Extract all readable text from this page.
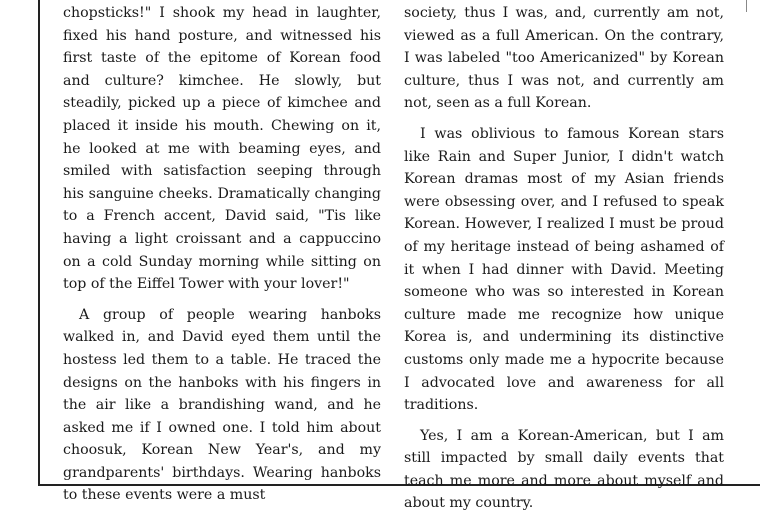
chopsticks!" I shook my head in laughter, fixed his hand posture, and witnessed his first taste of the epitome of Korean food and culture? kimchee. He slowly, but steadily, picked up a piece of kimchee and placed it inside his mouth. Chewing on it, he looked at me with beaming eyes, and smiled with satisfaction seeping through his sanguine cheeks. Dramatically changing to a French accent, David said, "Tis like having a light croissant and a cappuccino on a cold Sunday morning while sitting on top of the Eiffel Tower with your lover!"

A group of people wearing hanboks walked in, and David eyed them until the hostess led them to a table. He traced the designs on the hanboks with his fingers in the air like a brandishing wand, and he asked me if I owned one. I told him about choosuk, Korean New Year's, and my grandparents' birthdays. Wearing hanboks to these events were a must

society, thus I was, and, currently am not, viewed as a full American. On the contrary, I was labeled "too Americanized" by Korean culture, thus I was not, and currently am not, seen as a full Korean.

I was oblivious to famous Korean stars like Rain and Super Junior, I didn't watch Korean dramas most of my Asian friends were obsessing over, and I refused to speak Korean. However, I realized I must be proud of my heritage instead of being ashamed of it when I had dinner with David. Meeting someone who was so interested in Korean culture made me recognize how unique Korea is, and undermining its distinctive customs only made me a hypocrite because I advocated love and awareness for all traditions.

Yes, I am a Korean-American, but I am still impacted by small daily events that teach me more and more about myself and about my country.
